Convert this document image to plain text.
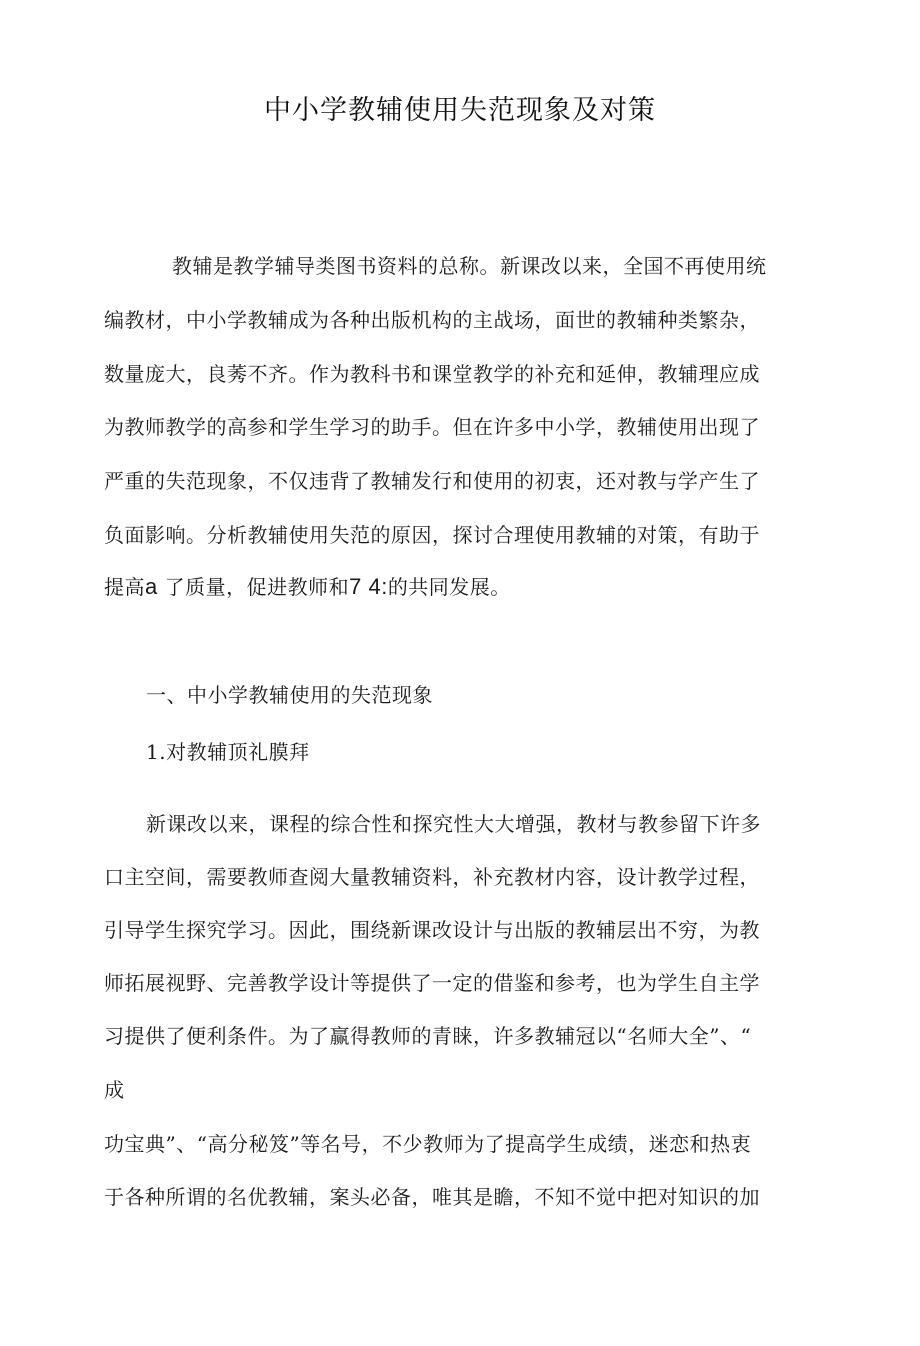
中小学教辅使用失范现象及对策

教辅是教学辅导类图书资料的总称。新课改以来，全国不再使用统

编教材，中小学教辅成为各种出版机构的主战场，面世的教辅种类繁杂，

数量庞大，良莠不齐。作为教科书和课堂教学的补充和延伸，教辅理应成

为教师教学的高参和学生学习的助手。但在许多中小学，教辅使用出现了

严重的失范现象，不仅违背了教辅发行和使用的初衷，还对教与学产生了

负面影响。分析教辅使用失范的原因，探讨合理使用教辅的对策，有助于

提高a 了质量，促进教师和7 4:的共同发展。

一、中小学教辅使用的失范现象

1.对教辅顶礼膜拜

新课改以来，课程的综合性和探究性大大增强，教材与教参留下许多

口主空间，需要教师查阅大量教辅资料，补充教材内容，设计教学过程，

引导学生探究学习。因此，围绕新课改设计与出版的教辅层出不穷，为教

师拓展视野、完善教学设计等提供了一定的借鉴和参考，也为学生自主学

习提供了便利条件。为了赢得教师的青睐，许多教辅冠以“名师大全”、“

成

功宝典”、“高分秘笈”等名号，不少教师为了提高学生成绩，迷恋和热衷

于各种所谓的名优教辅，案头必备，唯其是瞻，不知不觉中把对知识的加
